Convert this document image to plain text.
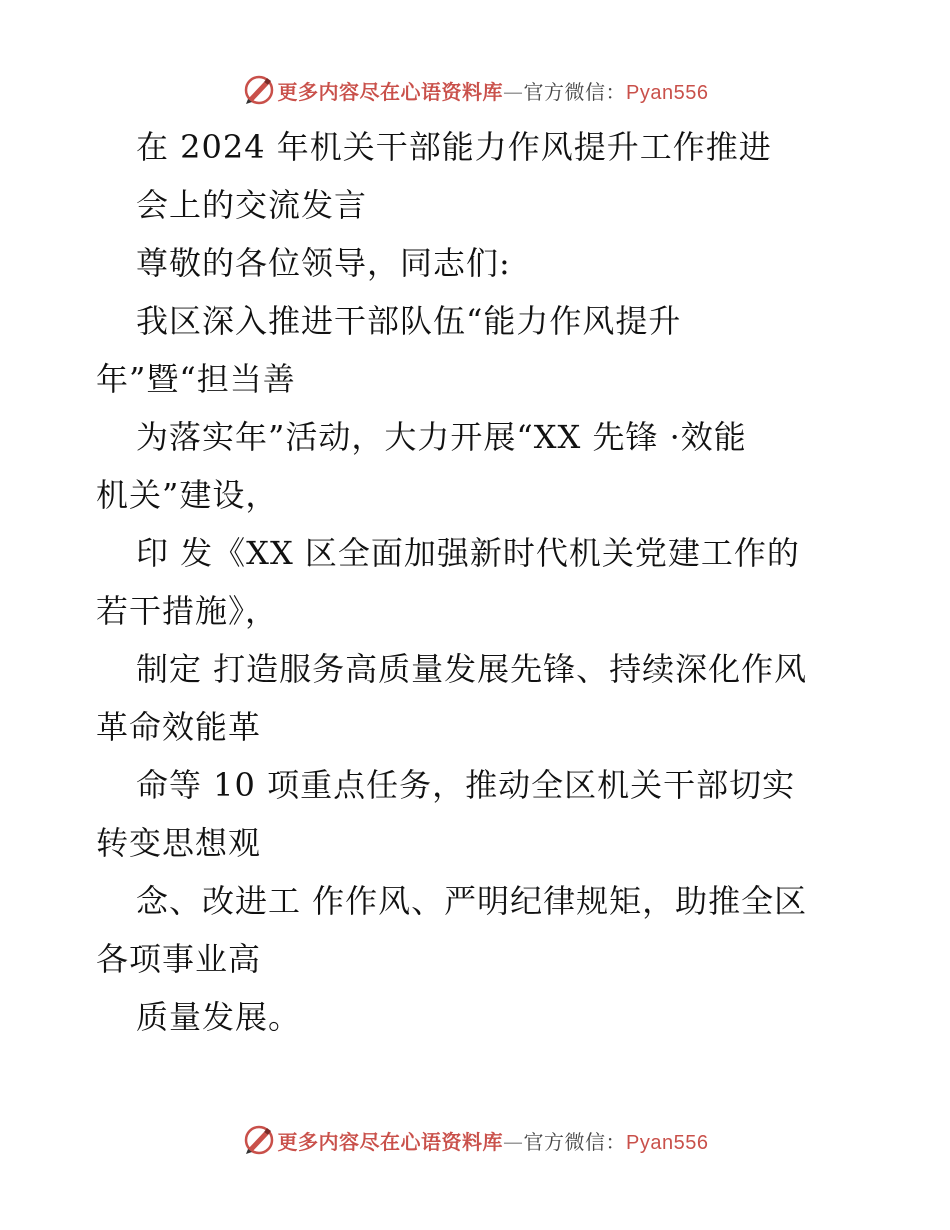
更多内容尽在心语资料库—官方微信：Pyan556
在 2024 年机关干部能力作风提升工作推进
会上的交流发言
尊敬的各位领导，同志们:
我区深入推进干部队伍“能力作风提升
年”暨“担当善
为落实年”活动，大力开展“XX 先锋 ·效能
机关”建设，
印 发《XX 区全面加强新时代机关党建工作的
若干措施》，
制定 打造服务高质量发展先锋、持续深化作风
革命效能革
命等 10 项重点任务，推动全区机关干部切实
转变思想观
念、改进工 作作风、严明纪律规矩，助推全区
各项事业高
质量发展。
更多内容尽在心语资料库—官方微信：Pyan556
